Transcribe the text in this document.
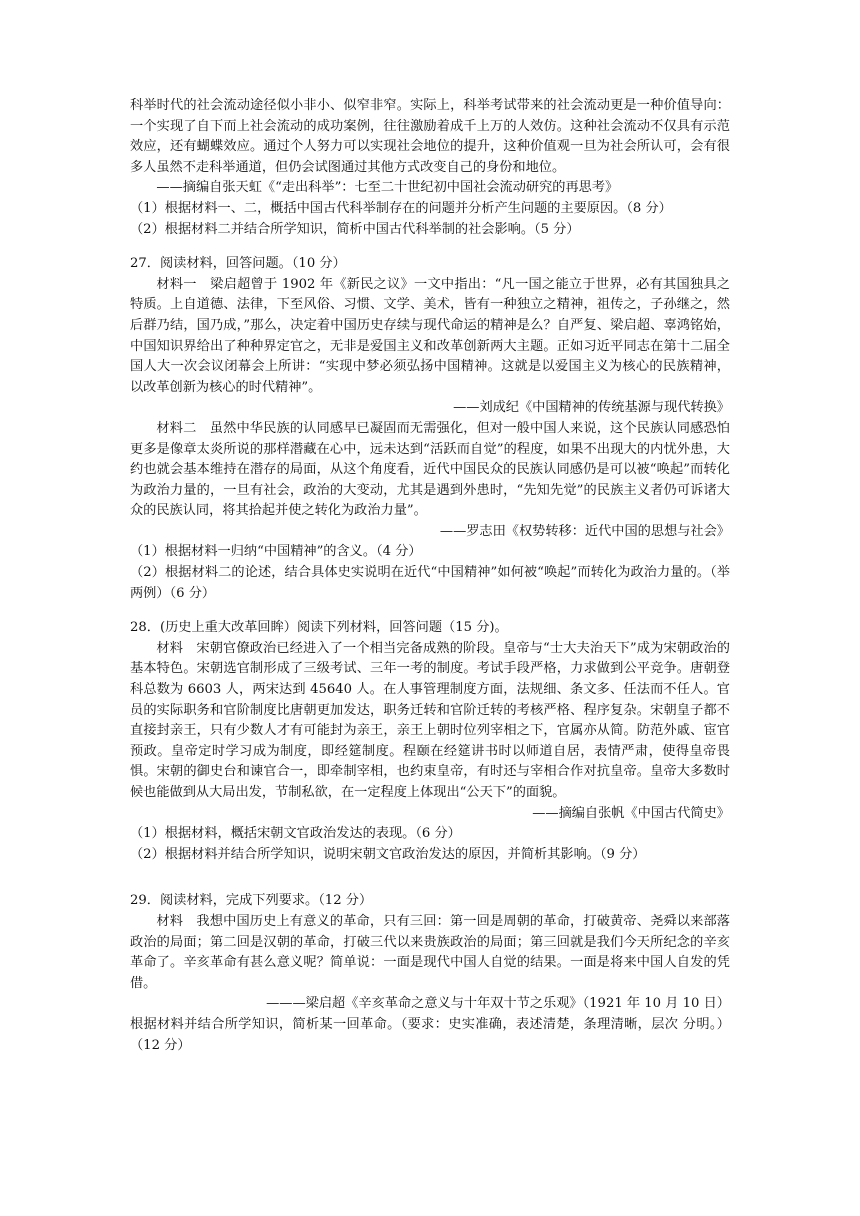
科举时代的社会流动途径似小非小、似窄非窄。实际上，科举考试带来的社会流动更是一种价值导向：一个实现了自下而上社会流动的成功案例，往往激励着成千上万的人效仿。这种社会流动不仅具有示范效应，还有蝴蝶效应。通过个人努力可以实现社会地位的提升，这种价值观一旦为社会所认可，会有很多人虽然不走科举通道，但仍会试图通过其他方式改变自己的身份和地位。

——摘编自张天虹《“走出科举”：七至二十世纪初中国社会流动研究的再思考》

（1）根据材料一、二，概括中国古代科举制存在的问题并分析产生问题的主要原因。（8 分）

（2）根据材料二并结合所学知识，简析中国古代科举制的社会影响。（5 分）

27．阅读材料，回答问题。（10 分）

材料一　梁启超曾于 1902 年《新民之议》一文中指出：“凡一国之能立于世界，必有其国独具之特质。上自道德、法律，下至风俗、习惯、文学、美术，皆有一种独立之精神，祖传之，子孙继之，然后群乃结，国乃成，”那么，决定着中国历史存续与现代命运的精神是么？自严复、梁启超、辜鸿铭始，中国知识界给出了种种界定官之，无非是爱国主义和改革创新两大主题。正如习近平同志在第十二届全国人大一次会议闭幕会上所讲：“实现中梦必须弘扬中国精神。这就是以爱国主义为核心的民族精神，以改革创新为核心的时代精神”。

——刘成纪《中国精神的传统基源与现代转换》

材料二　虽然中华民族的认同感早已凝固而无需强化，但对一般中国人来说，这个民族认同感恐怕更多是像章太炎所说的那样潜藏在心中，远未达到“活跃而自觉”的程度，如果不出现大的内忧外患，大约也就会基本维持在潜存的局面，从这个角度看，近代中国民众的民族认同感仍是可以被“唤起”而转化为政治力量的，一旦有社会，政治的大变动，尤其是遇到外患时，“先知先觉”的民族主义者仍可诉诸大众的民族认同，将其拾起并使之转化为政治力量”。

——罗志田《权势转移：近代中国的思想与社会》

（1）根据材料一归纳“中国精神”的含义。（4 分）

（2）根据材料二的论述，结合具体史实说明在近代“中国精神”如何被“唤起”而转化为政治力量的。（举两例）（6 分）

28．(历史上重大改革回眸）阅读下列材料，回答问题（15 分)。

材料　宋朝官僚政治已经进入了一个相当完备成熟的阶段。皇帝与“士大夫治天下”成为宋朝政治的基本特色。宋朝选官制形成了三级考试、三年一考的制度。考试手段严格，力求做到公平竞争。唐朝登科总数为 6603 人，两宋达到 45640 人。在人事管理制度方面，法规细、条文多、任法而不任人。官员的实际职务和官阶制度比唐朝更加发达，职务迁转和官阶迁转的考核严格、程序复杂。宋朝皇子都不直接封亲王，只有少数人才有可能封为亲王，亲王上朝时位列宰相之下，官属亦从简。防范外戚、宦官预政。皇帝定时学习成为制度，即经筵制度。程颐在经筵讲书时以师道自居，表情严肃，使得皇帝畏惧。宋朝的御史台和谏官合一，即牵制宰相，也约束皇帝，有时还与宰相合作对抗皇帝。皇帝大多数时候也能做到从大局出发，节制私欲，在一定程度上体现出“公天下”的面貌。

——摘编自张帆《中国古代简史》

（1）根据材料，概括宋朝文官政治发达的表现。（6 分）

（2）根据材料并结合所学知识，说明宋朝文官政治发达的原因，并简析其影响。（9 分）

29．阅读材料，完成下列要求。（12 分）

材料　我想中国历史上有意义的革命，只有三回：第一回是周朝的革命，打破黄帝、尧舜以来部落政治的局面；第二回是汉朝的革命，打破三代以来贵族政治的局面；第三回就是我们今天所纪念的辛亥革命了。辛亥革命有甚么意义呢？简单说：一面是现代中国人自觉的结果。一面是将来中国人自发的凭借。

———梁启超《辛亥革命之意义与十年双十节之乐观》（1921 年 10 月 10 日）

根据材料并结合所学知识，简析某一回革命。（要求：史实准确，表述清楚，条理清晰，层次 分明。）（12 分）
